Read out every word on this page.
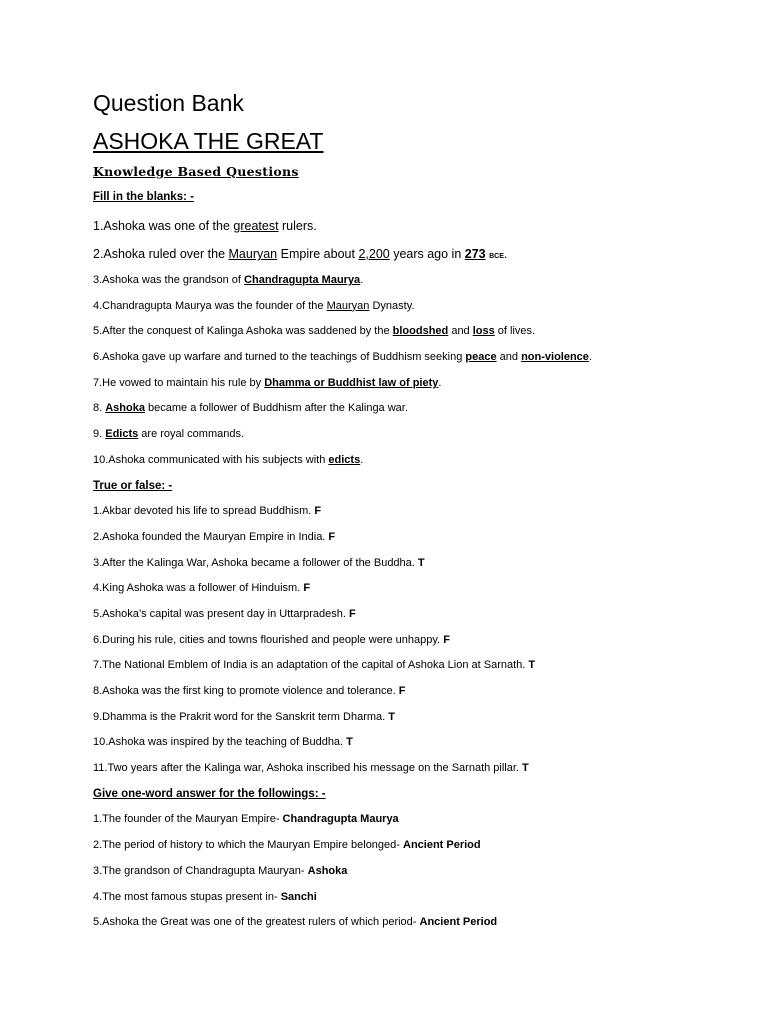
Question Bank
ASHOKA THE GREAT
Knowledge Based Questions
Fill in the blanks: -
1.Ashoka was one of the greatest rulers.
2.Ashoka ruled over the Mauryan Empire about 2,200 years ago in 273 BCE.
3.Ashoka was the grandson of Chandragupta Maurya.
4.Chandragupta Maurya was the founder of the Mauryan Dynasty.
5.After the conquest of Kalinga Ashoka was saddened by the bloodshed and loss of lives.
6.Ashoka gave up warfare and turned to the teachings of Buddhism seeking peace and non-violence.
7.He vowed to maintain his rule by Dhamma or Buddhist law of piety.
8. Ashoka became a follower of Buddhism after the Kalinga war.
9. Edicts are royal commands.
10.Ashoka communicated with his subjects with edicts.
True or false: -
1.Akbar devoted his life to spread Buddhism. F
2.Ashoka founded the Mauryan Empire in India. F
3.After the Kalinga War, Ashoka became a follower of the Buddha. T
4.King Ashoka was a follower of Hinduism. F
5.Ashoka’s capital was present day in Uttarpradesh. F
6.During his rule, cities and towns flourished and people were unhappy. F
7.The National Emblem of India is an adaptation of the capital of Ashoka Lion at Sarnath. T
8.Ashoka was the first king to promote violence and tolerance. F
9.Dhamma is the Prakrit word for the Sanskrit term Dharma. T
10.Ashoka was inspired by the teaching of Buddha. T
11.Two years after the Kalinga war, Ashoka inscribed his message on the Sarnath pillar. T
Give one-word answer for the followings: -
1.The founder of the Mauryan Empire- Chandragupta Maurya
2.The period of history to which the Mauryan Empire belonged- Ancient Period
3.The grandson of Chandragupta Mauryan- Ashoka
4.The most famous stupas present in- Sanchi
5.Ashoka the Great was one of the greatest rulers of which period- Ancient Period
